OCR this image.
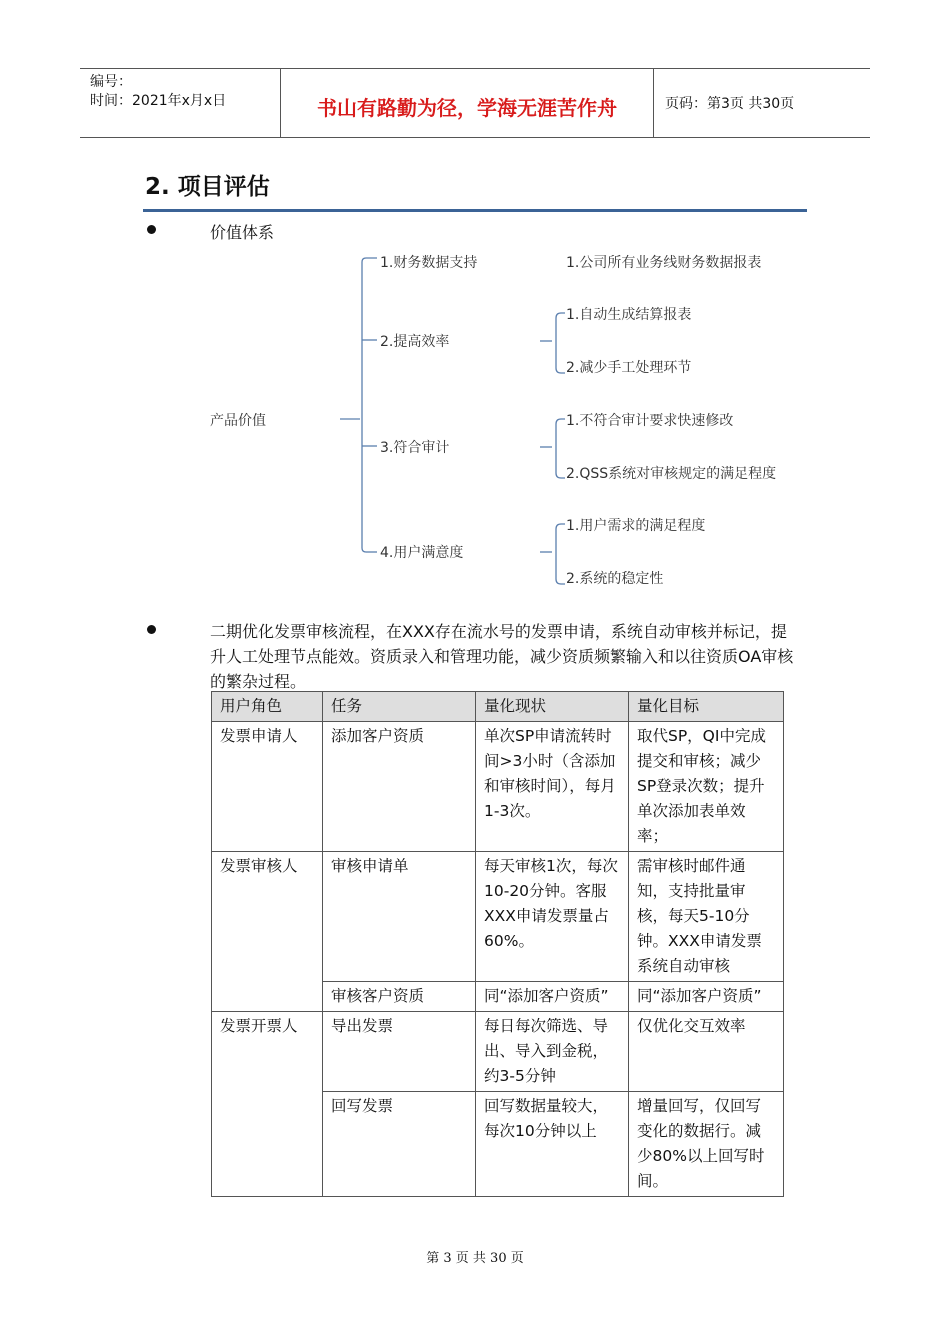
编号：
时间：2021年x月x日	书山有路勤为径，学海无涯苦作舟	页码：第3页 共30页
2. 项目评估
价值体系
产品价值
1.财务数据支持
2.提高效率
3.符合审计
4.用户满意度
1.公司所有业务线财务数据报表
1.自动生成结算报表
2.减少手工处理环节
1.不符合审计要求快速修改
2.QSS系统对审核规定的满足程度
1.用户需求的满足程度
2.系统的稳定性
二期优化发票审核流程，在XXX存在流水号的发票申请，系统自动审核并标记，提升人工处理节点能效。资质录入和管理功能，减少资质频繁输入和以往资质OA审核的繁杂过程。
用户角色	任务	量化现状	量化目标
发票申请人	添加客户资质	单次SP申请流转时间>3小时（含添加和审核时间），每月1-3次。	取代SP，QI中完成提交和审核；减少SP登录次数；提升单次添加表单效率；
发票审核人	审核申请单	每天审核1次，每次10-20分钟。客服XXX申请发票量占60%。	需审核时邮件通知，支持批量审核，每天5-10分钟。XXX申请发票系统自动审核
	审核客户资质	同“添加客户资质”	同“添加客户资质”
发票开票人	导出发票	每日每次筛选、导出、导入到金税，约3-5分钟	仅优化交互效率
	回写发票	回写数据量较大，每次10分钟以上	增量回写，仅回写变化的数据行。减少80%以上回写时间。
第 3 页 共 30 页
